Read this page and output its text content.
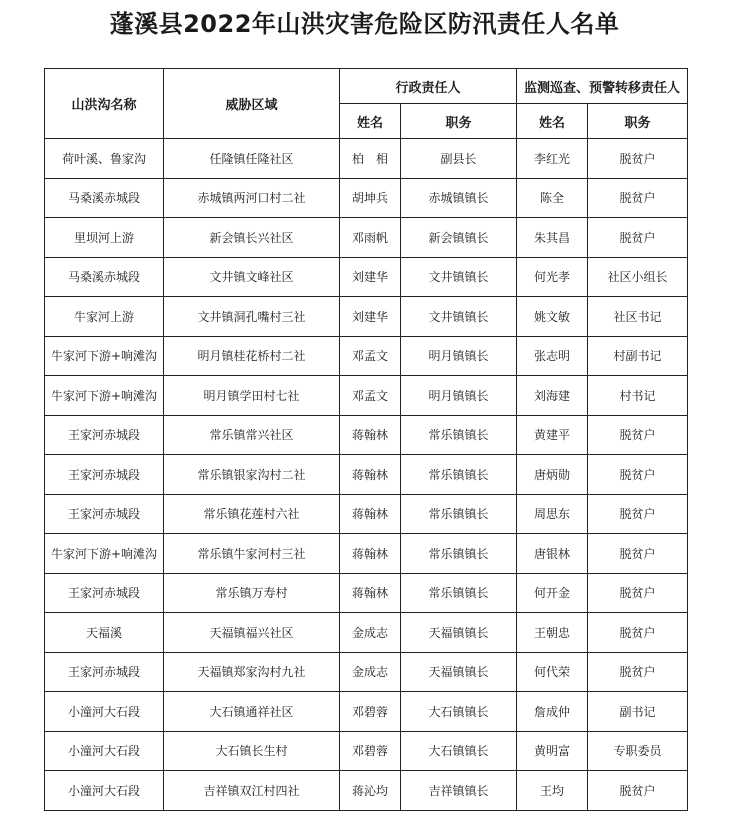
蓬溪县2022年山洪灾害危险区防汛责任人名单
山洪沟名称	威胁区域	行政责任人		监测巡查、预警转移责任人	
		姓名	职务	姓名	职务
荷叶溪、鲁家沟	任隆镇任隆社区	柏　相	副县长	李红光	脱贫户
马桑溪赤城段	赤城镇两河口村二社	胡坤兵	赤城镇镇长	陈全	脱贫户
里坝河上游	新会镇长兴社区	邓雨帆	新会镇镇长	朱其昌	脱贫户
马桑溪赤城段	文井镇文峰社区	刘建华	文井镇镇长	何光孝	社区小组长
牛家河上游	文井镇洞孔嘴村三社	刘建华	文井镇镇长	姚文敏	社区书记
牛家河下游+响滩沟	明月镇桂花桥村二社	邓孟文	明月镇镇长	张志明	村副书记
牛家河下游+响滩沟	明月镇学田村七社	邓孟文	明月镇镇长	刘海建	村书记
王家河赤城段	常乐镇常兴社区	蒋翰林	常乐镇镇长	黄建平	脱贫户
王家河赤城段	常乐镇银家沟村二社	蒋翰林	常乐镇镇长	唐炳勋	脱贫户
王家河赤城段	常乐镇花莲村六社	蒋翰林	常乐镇镇长	周思东	脱贫户
牛家河下游+响滩沟	常乐镇牛家河村三社	蒋翰林	常乐镇镇长	唐银林	脱贫户
王家河赤城段	常乐镇万寿村	蒋翰林	常乐镇镇长	何开金	脱贫户
天福溪	天福镇福兴社区	金成志	天福镇镇长	王朝忠	脱贫户
王家河赤城段	天福镇郑家沟村九社	金成志	天福镇镇长	何代荣	脱贫户
小潼河大石段	大石镇通祥社区	邓碧蓉	大石镇镇长	詹成仲	副书记
小潼河大石段	大石镇长生村	邓碧蓉	大石镇镇长	黄明富	专职委员
小潼河大石段	吉祥镇双江村四社	蒋沁均	吉祥镇镇长	王均	脱贫户
